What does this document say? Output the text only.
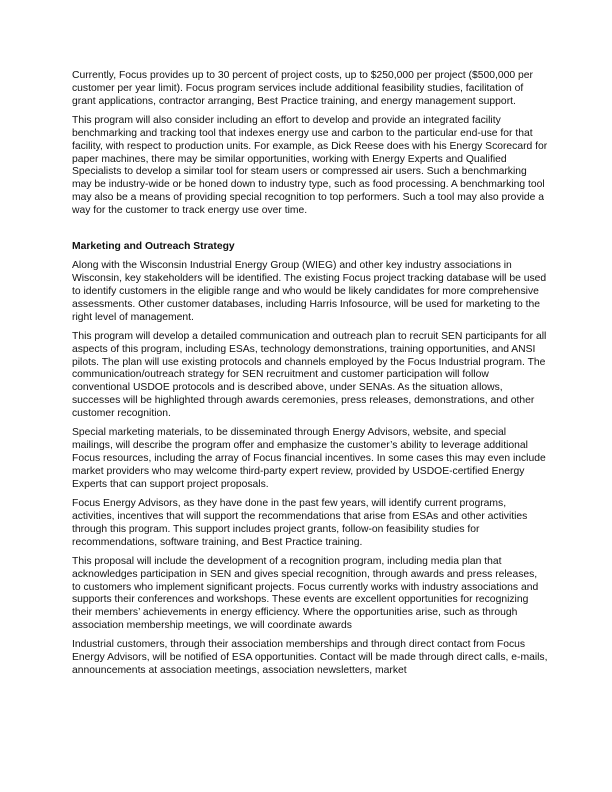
Currently, Focus provides up to 30 percent of project costs, up to $250,000 per project ($500,000 per customer per year limit). Focus program services include additional feasibility studies, facilitation of grant applications, contractor arranging, Best Practice training, and energy management support.

This program will also consider including an effort to develop and provide an integrated facility benchmarking and tracking tool that indexes energy use and carbon to the particular end-use for that facility, with respect to production units. For example, as Dick Reese does with his Energy Scorecard for paper machines, there may be similar opportunities, working with Energy Experts and Qualified Specialists to develop a similar tool for steam users or compressed air users. Such a benchmarking may be industry-wide or be honed down to industry type, such as food processing. A benchmarking tool may also be a means of providing special recognition to top performers. Such a tool may also provide a way for the customer to track energy use over time.

Marketing and Outreach Strategy

Along with the Wisconsin Industrial Energy Group (WIEG) and other key industry associations in Wisconsin, key stakeholders will be identified. The existing Focus project tracking database will be used to identify customers in the eligible range and who would be likely candidates for more comprehensive assessments. Other customer databases, including Harris Infosource, will be used for marketing to the right level of management.

This program will develop a detailed communication and outreach plan to recruit SEN participants for all aspects of this program, including ESAs, technology demonstrations, training opportunities, and ANSI pilots. The plan will use existing protocols and channels employed by the Focus Industrial program. The communication/outreach strategy for SEN recruitment and customer participation will follow conventional USDOE protocols and is described above, under SENAs. As the situation allows, successes will be highlighted through awards ceremonies, press releases, demonstrations, and other customer recognition.

Special marketing materials, to be disseminated through Energy Advisors, website, and special mailings, will describe the program offer and emphasize the customer’s ability to leverage additional Focus resources, including the array of Focus financial incentives. In some cases this may even include market providers who may welcome third-party expert review, provided by USDOE-certified Energy Experts that can support project proposals.

Focus Energy Advisors, as they have done in the past few years, will identify current programs, activities, incentives that will support the recommendations that arise from ESAs and other activities through this program. This support includes project grants, follow-on feasibility studies for recommendations, software training, and Best Practice training.

This proposal will include the development of a recognition program, including media plan that acknowledges participation in SEN and gives special recognition, through awards and press releases, to customers who implement significant projects. Focus currently works with industry associations and supports their conferences and workshops. These events are excellent opportunities for recognizing their members’ achievements in energy efficiency. Where the opportunities arise, such as through association membership meetings, we will coordinate awards

Industrial customers, through their association memberships and through direct contact from Focus Energy Advisors, will be notified of ESA opportunities. Contact will be made through direct calls, e-mails, announcements at association meetings, association newsletters, market
